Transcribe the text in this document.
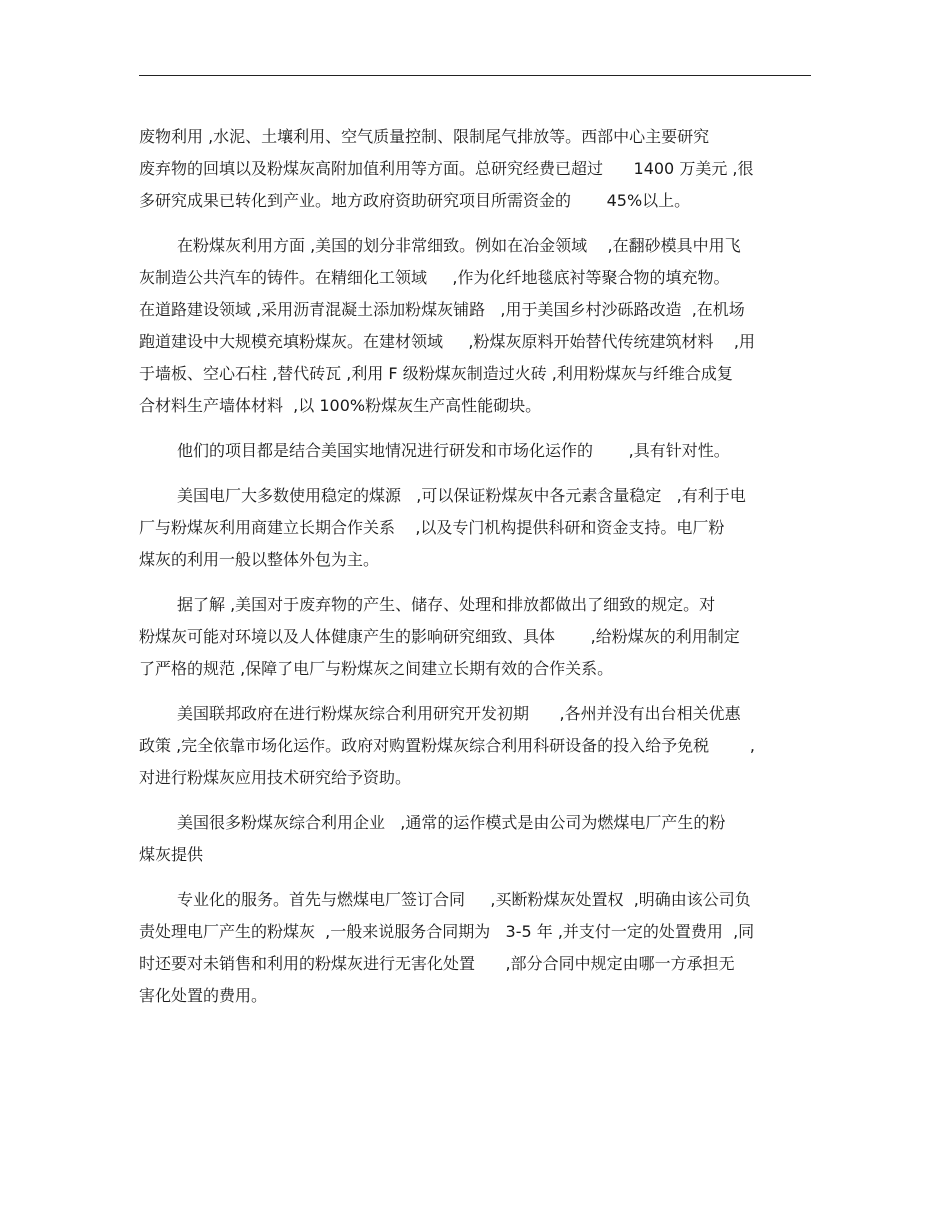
废物利用 ,水泥、土壤利用、空气质量控制、限制尾气排放等。西部中心主要研究
废弃物的回填以及粉煤灰高附加值利用等方面。总研究经费已超过      1400 万美元 ,很
多研究成果已转化到产业。地方政府资助研究项目所需资金的       45%以上。
在粉煤灰利用方面 ,美国的划分非常细致。例如在冶金领域    ,在翻砂模具中用飞
灰制造公共汽车的铸件。在精细化工领域     ,作为化纤地毯底衬等聚合物的填充物。
在道路建设领域 ,采用沥青混凝土添加粉煤灰铺路   ,用于美国乡村沙砾路改造  ,在机场
跑道建设中大规模充填粉煤灰。在建材领域     ,粉煤灰原料开始替代传统建筑材料    ,用
于墙板、空心石柱 ,替代砖瓦 ,利用 F 级粉煤灰制造过火砖 ,利用粉煤灰与纤维合成复
合材料生产墙体材料  ,以 100%粉煤灰生产高性能砌块。
他们的项目都是结合美国实地情况进行研发和市场化运作的       ,具有针对性。
美国电厂大多数使用稳定的煤源   ,可以保证粉煤灰中各元素含量稳定   ,有利于电
厂与粉煤灰利用商建立长期合作关系    ,以及专门机构提供科研和资金支持。电厂粉
煤灰的利用一般以整体外包为主。
据了解 ,美国对于废弃物的产生、储存、处理和排放都做出了细致的规定。对
粉煤灰可能对环境以及人体健康产生的影响研究细致、具体       ,给粉煤灰的利用制定
了严格的规范 ,保障了电厂与粉煤灰之间建立长期有效的合作关系。
美国联邦政府在进行粉煤灰综合利用研究开发初期      ,各州并没有出台相关优惠
政策 ,完全依靠市场化运作。政府对购置粉煤灰综合利用科研设备的投入给予免税        ,
对进行粉煤灰应用技术研究给予资助。
美国很多粉煤灰综合利用企业   ,通常的运作模式是由公司为燃煤电厂产生的粉
煤灰提供
专业化的服务。首先与燃煤电厂签订合同     ,买断粉煤灰处置权  ,明确由该公司负
责处理电厂产生的粉煤灰  ,一般来说服务合同期为   3-5 年 ,并支付一定的处置费用  ,同
时还要对未销售和利用的粉煤灰进行无害化处置      ,部分合同中规定由哪一方承担无
害化处置的费用。
